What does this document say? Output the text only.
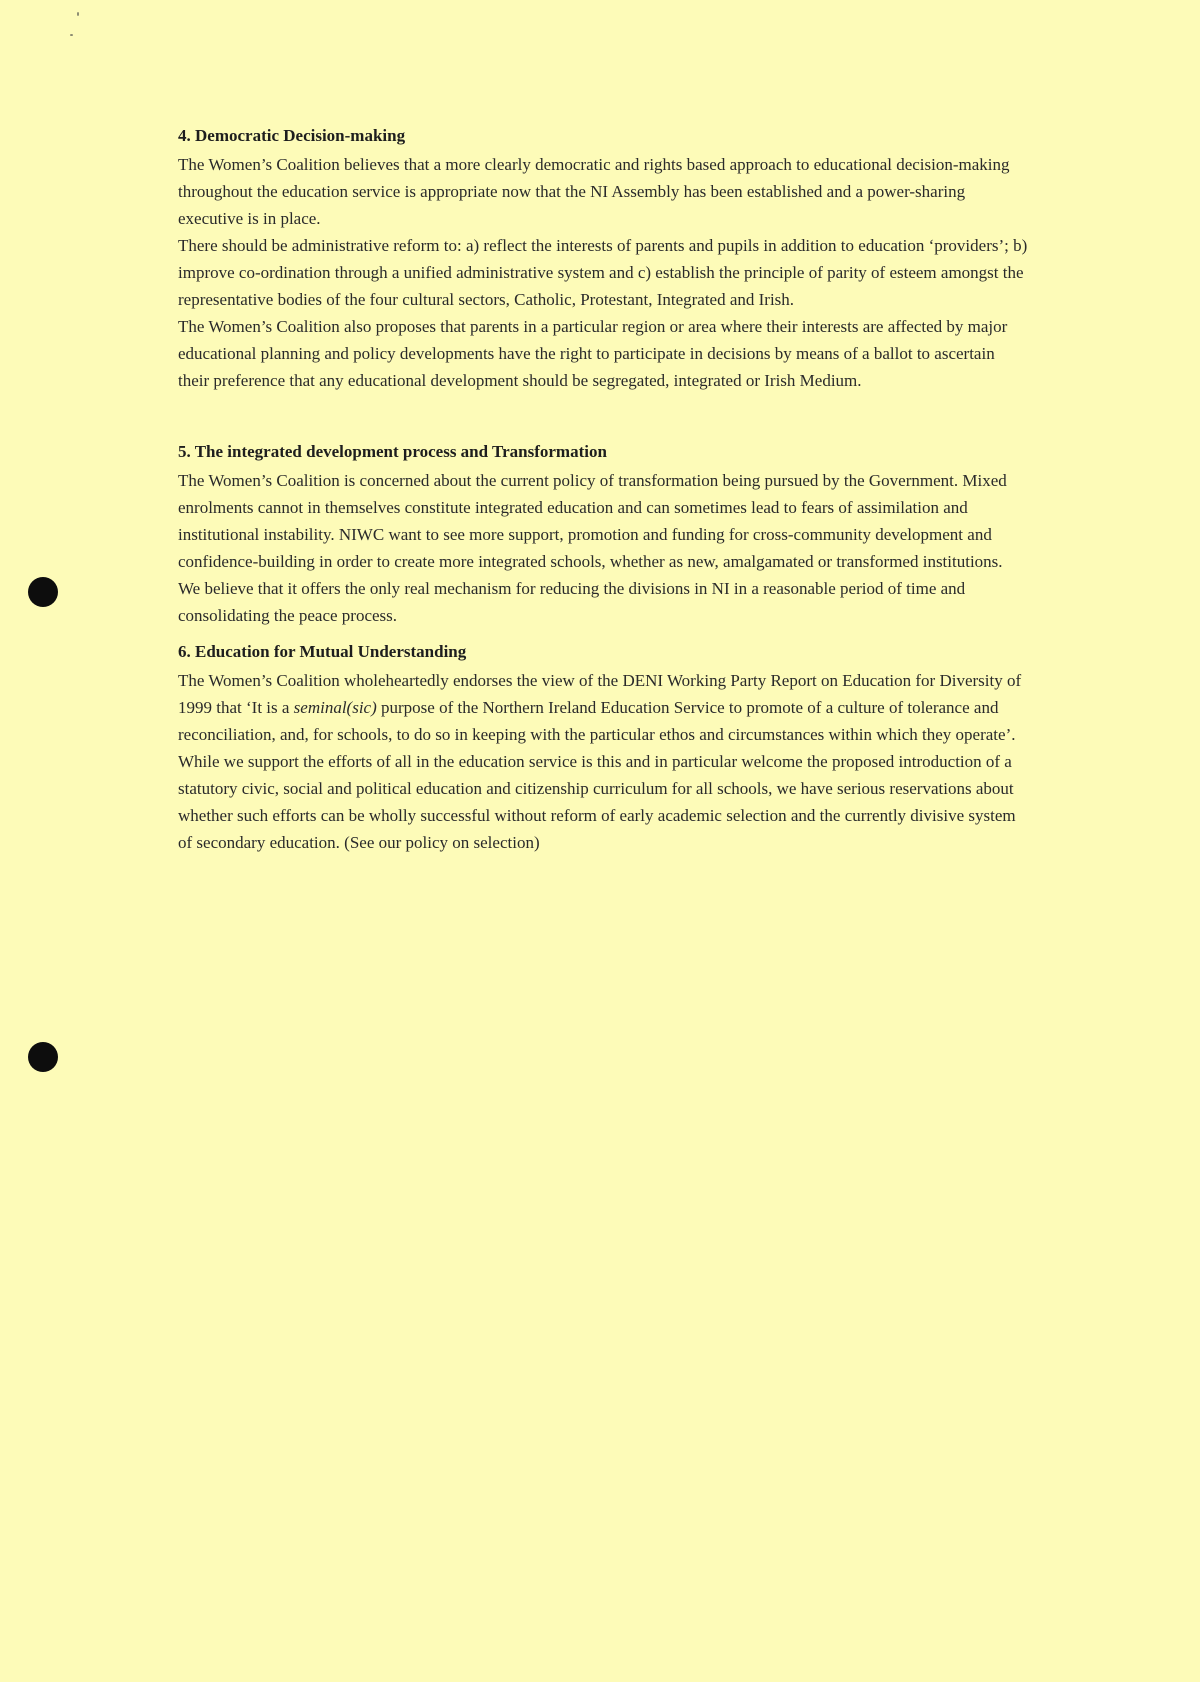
4. Democratic Decision-making

The Women’s Coalition believes that a more clearly democratic and rights based approach to educational decision-making throughout the education service is appropriate now that the NI Assembly has been established and a power-sharing executive is in place.

There should be administrative reform to: a) reflect the interests of parents and pupils in addition to education ‘providers’; b) improve co-ordination through a unified administrative system and c) establish the principle of parity of esteem amongst the representative bodies of the four cultural sectors, Catholic, Protestant, Integrated and Irish.

The Women’s Coalition also proposes that parents in a particular region or area where their interests are affected by major educational planning and policy developments have the right to participate in decisions by means of a ballot to ascertain their preference that any educational development should be segregated, integrated or Irish Medium.

5. The integrated development process and Transformation

The Women’s Coalition is concerned about the current policy of transformation being pursued by the Government. Mixed enrolments cannot in themselves constitute integrated education and can sometimes lead to fears of assimilation and institutional instability. NIWC want to see more support, promotion and funding for cross-community development and confidence-building in order to create more integrated schools, whether as new, amalgamated or transformed institutions. We believe that it offers the only real mechanism for reducing the divisions in NI in a reasonable period of time and consolidating the peace process.

6. Education for Mutual Understanding

The Women’s Coalition wholeheartedly endorses the view of the DENI Working Party Report on Education for Diversity of 1999 that ‘It is a seminal(sic) purpose of the Northern Ireland Education Service to promote of a culture of tolerance and reconciliation, and, for schools, to do so in keeping with the particular ethos and circumstances within which they operate’. While we support the efforts of all in the education service is this and in particular welcome the proposed introduction of a statutory civic, social and political education and citizenship curriculum for all schools, we have serious reservations about whether such efforts can be wholly successful without reform of early academic selection and the currently divisive system of secondary education. (See our policy on selection)
